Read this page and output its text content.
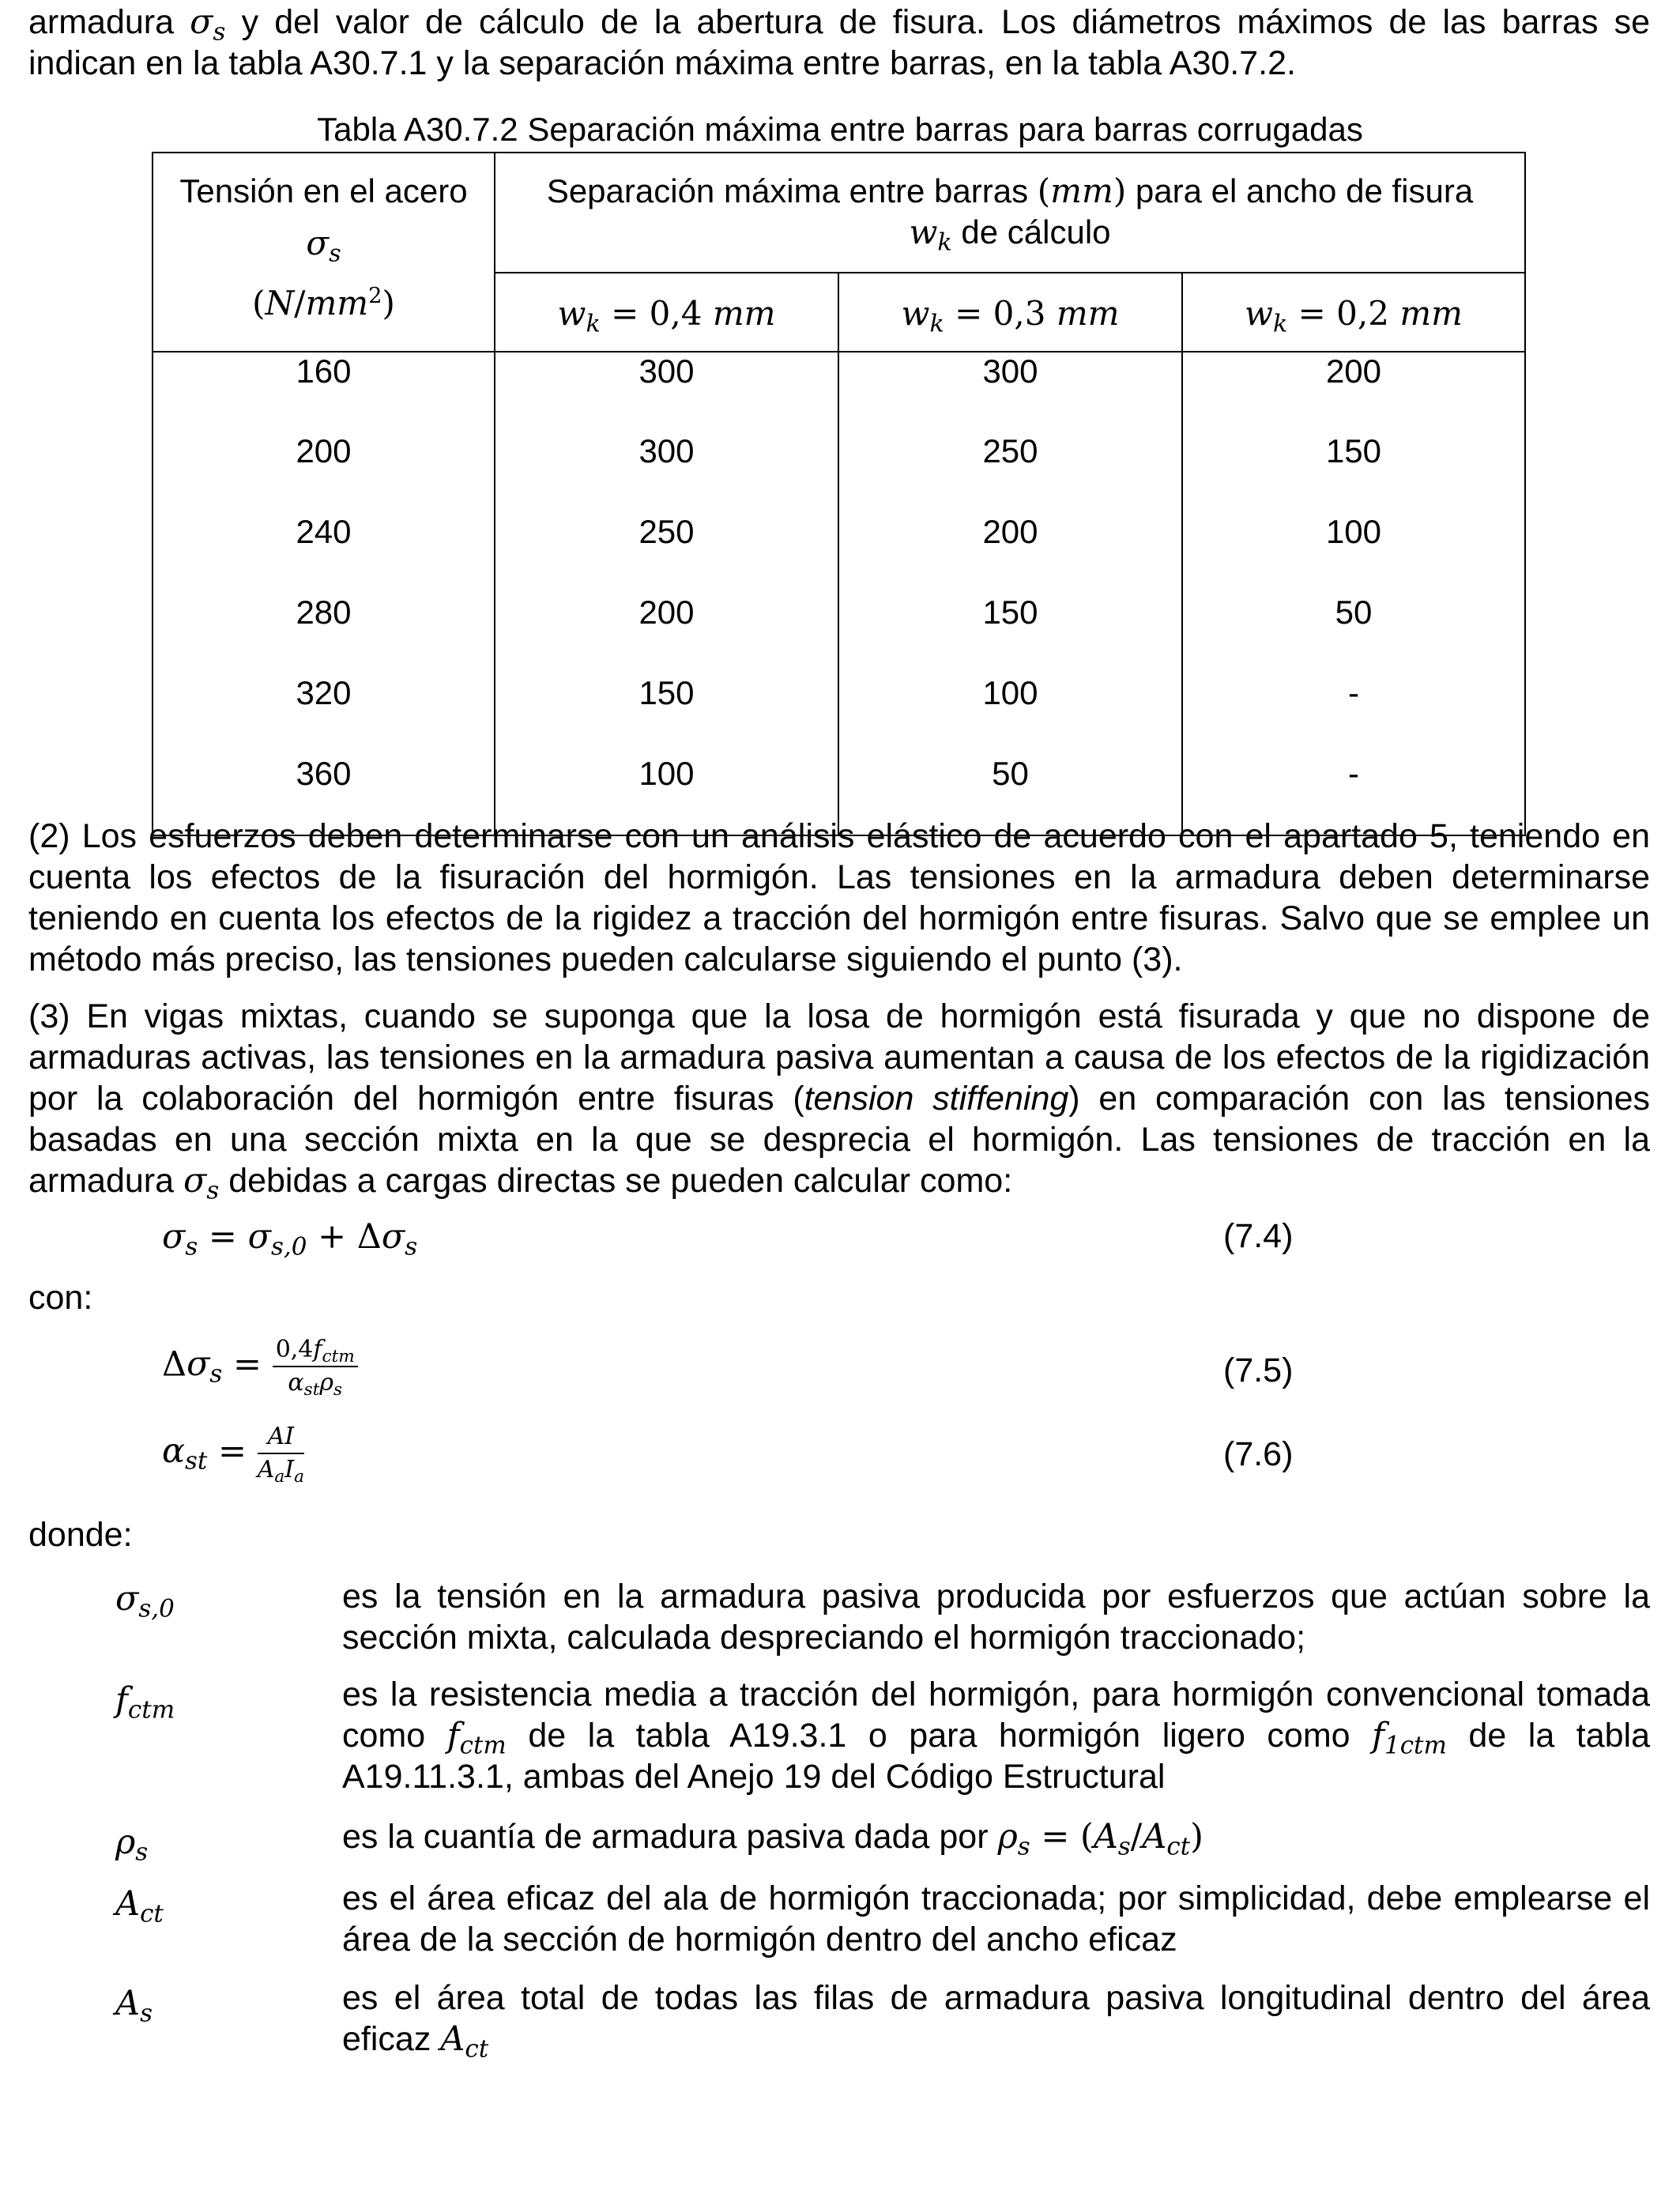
armadura $\sigma_s$ y del valor de cálculo de la abertura de fisura. Los diámetros máximos de las barras se indican en la tabla A30.7.1 y la separación máxima entre barras, en la tabla A30.7.2.

Tabla A30.7.2 Separación máxima entre barras para barras corrugadas
Tensión en el acero
$\sigma_s$	Separación máxima entre barras (mm) para el ancho de fisura
$w_k$ de cálculo		
$(N/mm^2)$	$w_k = 0,4$ mm	$w_k = 0,3$ mm	$w_k = 0,2$ mm
160	300	300	200
200	300	250	150
240	250	200	100
280	200	150	50
320	150	100	-
360	100	50	-

(2) Los esfuerzos deben determinarse con un análisis elástico de acuerdo con el apartado 5, teniendo en cuenta los efectos de la fisuración del hormigón. Las tensiones en la armadura deben determinarse teniendo en cuenta los efectos de la rigidez a tracción del hormigón entre fisuras. Salvo que se emplee un método más preciso, las tensiones pueden calcularse siguiendo el punto (3).

(3) En vigas mixtas, cuando se suponga que la losa de hormigón está fisurada y que no dispone de armaduras activas, las tensiones en la armadura pasiva aumentan a causa de los efectos de la rigidización por la colaboración del hormigón entre fisuras (tension stiffening) en comparación con las tensiones basadas en una sección mixta en la que se desprecia el hormigón. Las tensiones de tracción en la armadura $\sigma_s$ debidas a cargas directas se pueden calcular como:

$\sigma_s = \sigma_{s,0} + \Delta\sigma_s$	(7.4)
con:
$\Delta\sigma_s = \frac{0,4f_{ctm}}{\alpha_{st}\rho_s}$	(7.5)
$\alpha_{st} = \frac{AI}{A_aI_a}$	(7.6)
donde:
$\sigma_{s,0}$	es la tensión en la armadura pasiva producida por esfuerzos que actúan sobre la sección mixta, calculada despreciando el hormigón traccionado;

$f_{ctm}$	es la resistencia media a tracción del hormigón, para hormigón convencional tomada como $f_{ctm}$ de la tabla A19.3.1 o para hormigón ligero como $f_{1ctm}$ de la tabla A19.11.3.1, ambas del Anejo 19 del Código Estructural

$\rho_s$	es la cuantía de armadura pasiva dada por $\rho_s = (A_s/A_{ct})$

$A_{ct}$	es el área eficaz del ala de hormigón traccionada; por simplicidad, debe emplearse el área de la sección de hormigón dentro del ancho eficaz

$A_s$	es el área total de todas las filas de armadura pasiva longitudinal dentro del área eficaz $A_{ct}$
